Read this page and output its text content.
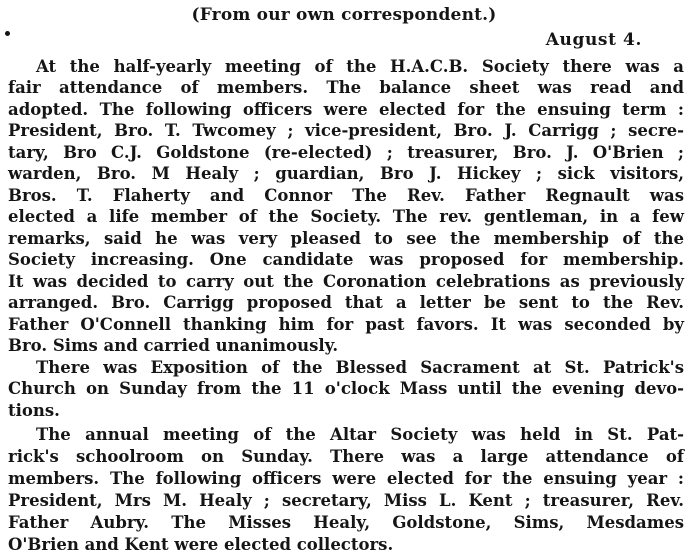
(From our own correspondent.)
August 4.
At the half-yearly meeting of the H.A.C.B. Society there was a
fair attendance of members. The balance sheet was read and
adopted. The following officers were elected for the ensuing term :
President, Bro. T. Twcomey ; vice-president, Bro. J. Carrigg ; secre-
tary, Bro C.J. Goldstone (re-elected) ; treasurer, Bro. J. O'Brien ;
warden, Bro. M Healy ; guardian, Bro J. Hickey ; sick visitors,
Bros. T. Flaherty and Connor The Rev. Father Regnault was
elected a life member of the Society. The rev. gentleman, in a few
remarks, said he was very pleased to see the membership of the
Society increasing. One candidate was proposed for membership.
It was decided to carry out the Coronation celebrations as previously
arranged. Bro. Carrigg proposed that a letter be sent to the Rev.
Father O'Connell thanking him for past favors. It was seconded by
Bro. Sims and carried unanimously.
There was Exposition of the Blessed Sacrament at St. Patrick's
Church on Sunday from the 11 o'clock Mass until the evening devo-
tions.
The annual meeting of the Altar Society was held in St. Pat-
rick's schoolroom on Sunday. There was a large attendance of
members. The following officers were elected for the ensuing year :
President, Mrs M. Healy ; secretary, Miss L. Kent ; treasurer, Rev.
Father Aubry. The Misses Healy, Goldstone, Sims, Mesdames
O'Brien and Kent were elected collectors.
